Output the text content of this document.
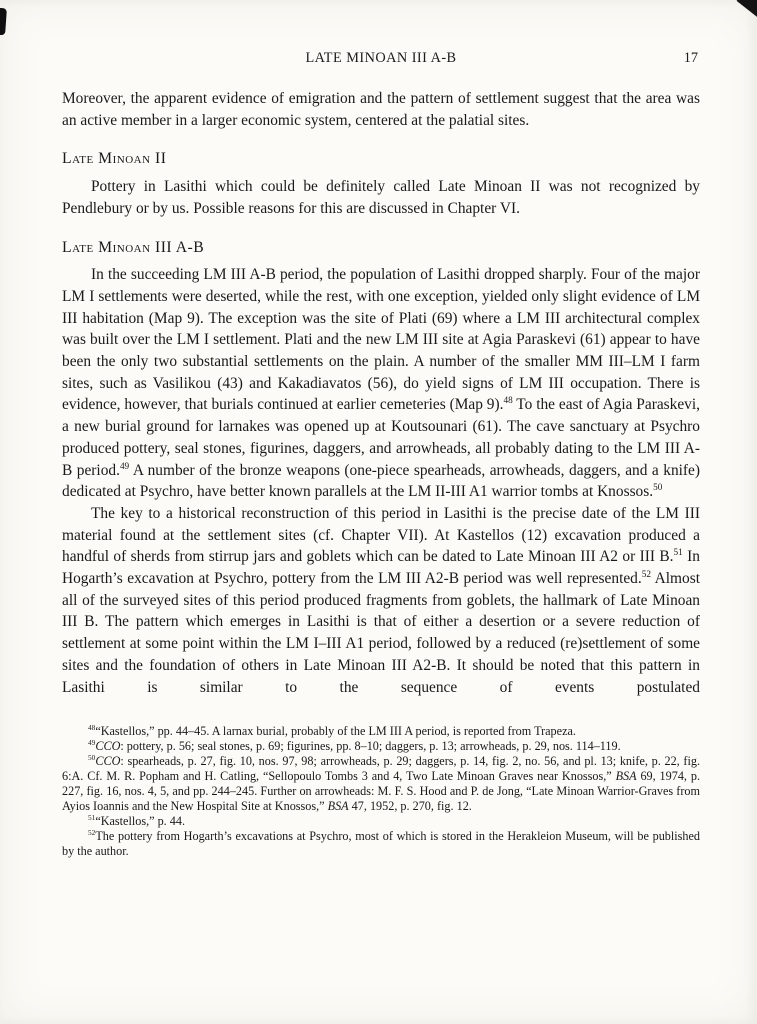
LATE MINOAN III A-B	17

Moreover, the apparent evidence of emigration and the pattern of settlement suggest that the area was an active member in a larger economic system, centered at the palatial sites.

Late Minoan II

Pottery in Lasithi which could be definitely called Late Minoan II was not recognized by Pendlebury or by us. Possible reasons for this are discussed in Chapter VI.

Late Minoan III A-B

In the succeeding LM III A-B period, the population of Lasithi dropped sharply. Four of the major LM I settlements were deserted, while the rest, with one exception, yielded only slight evidence of LM III habitation (Map 9). The exception was the site of Plati (69) where a LM III architectural complex was built over the LM I settlement. Plati and the new LM III site at Agia Paraskevi (61) appear to have been the only two substantial settlements on the plain. A number of the smaller MM III–LM I farm sites, such as Vasilikou (43) and Kakadiavatos (56), do yield signs of LM III occupation. There is evidence, however, that burials continued at earlier cemeteries (Map 9).$^{48}$ To the east of Agia Paraskevi, a new burial ground for larnakes was opened up at Koutsounari (61). The cave sanctuary at Psychro produced pottery, seal stones, figurines, daggers, and arrowheads, all probably dating to the LM III A-B period.$^{49}$ A number of the bronze weapons (one-piece spearheads, arrowheads, daggers, and a knife) dedicated at Psychro, have better known parallels at the LM II-III A1 warrior tombs at Knossos.$^{50}$

The key to a historical reconstruction of this period in Lasithi is the precise date of the LM III material found at the settlement sites (cf. Chapter VII). At Kastellos (12) excavation produced a handful of sherds from stirrup jars and goblets which can be dated to Late Minoan III A2 or III B.$^{51}$ In Hogarth’s excavation at Psychro, pottery from the LM III A2-B period was well represented.$^{52}$ Almost all of the surveyed sites of this period produced fragments from goblets, the hallmark of Late Minoan III B. The pattern which emerges in Lasithi is that of either a desertion or a severe reduction of settlement at some point within the LM I–III A1 period, followed by a reduced (re)settlement of some sites and the foundation of others in Late Minoan III A2-B. It should be noted that this pattern in Lasithi is similar to the sequence of events postulated

$^{48}$“Kastellos,” pp. 44–45. A larnax burial, probably of the LM III A period, is reported from Trapeza.

$^{49}$CCO: pottery, p. 56; seal stones, p. 69; figurines, pp. 8–10; daggers, p. 13; arrowheads, p. 29, nos. 114–119.

$^{50}$CCO: spearheads, p. 27, fig. 10, nos. 97, 98; arrowheads, p. 29; daggers, p. 14, fig. 2, no. 56, and pl. 13; knife, p. 22, fig. 6:A. Cf. M. R. Popham and H. Catling, “Sellopoulo Tombs 3 and 4, Two Late Minoan Graves near Knossos,” BSA 69, 1974, p. 227, fig. 16, nos. 4, 5, and pp. 244–245. Further on arrowheads: M. F. S. Hood and P. de Jong, “Late Minoan Warrior-Graves from Ayios Ioannis and the New Hospital Site at Knossos,” BSA 47, 1952, p. 270, fig. 12.

$^{51}$“Kastellos,” p. 44.

$^{52}$The pottery from Hogarth’s excavations at Psychro, most of which is stored in the Herakleion Museum, will be published by the author.
